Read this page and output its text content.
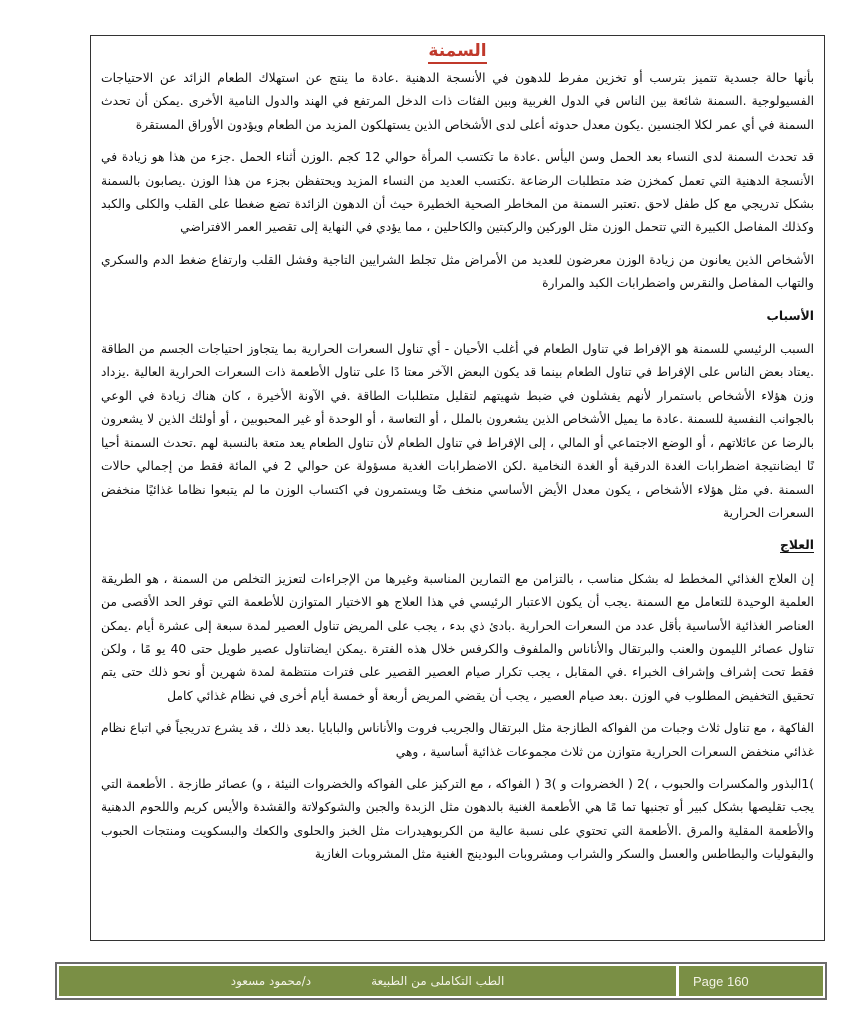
السمنة

بأنها حالة جسدية تتميز بترسب أو تخزين مفرط للدهون في الأنسجة الدهنية .عادة ما ينتج عن استهلاك الطعام الزائد عن الاحتياجات الفسيولوجية .السمنة شائعة بين الناس في الدول الغربية وبين الفئات ذات الدخل المرتفع في الهند والدول النامية الأخرى .يمكن أن تحدث السمنة في أي عمر لكلا الجنسين .يكون معدل حدوثه أعلى لدى الأشخاص الذين يستهلكون المزيد من الطعام ويؤدون الأوراق المستقرة

قد تحدث السمنة لدى النساء بعد الحمل وسن اليأس .عادة ما تكتسب المرأة حوالي 12 كجم .الوزن أثناء الحمل .جزء من هذا هو زيادة في الأنسجة الدهنية التي تعمل كمخزن ضد متطلبات الرضاعة .تكتسب العديد من النساء المزيد ويحتفظن بجزء من هذا الوزن .يصابون بالسمنة بشكل تدريجي مع كل طفل لاحق .تعتبر السمنة من المخاطر الصحية الخطيرة حيث أن الدهون الزائدة تضع ضغطا على القلب والكلى والكبد وكذلك المفاصل الكبيرة التي تتحمل الوزن مثل الوركين والركبتين والكاحلين ، مما يؤدي في النهاية إلى تقصير العمر الافتراضي

الأشخاص الذين يعانون من زيادة الوزن معرضون للعديد من الأمراض مثل تجلط الشرايين التاجية وفشل القلب وارتفاع ضغط الدم والسكري والتهاب المفاصل والنقرس واضطرابات الكبد والمرارة

الأسباب

السبب الرئيسي للسمنة هو الإفراط في تناول الطعام في أغلب الأحيان - أي تناول السعرات الحرارية بما يتجاوز احتياجات الجسم من الطاقة .يعتاد بعض الناس على الإفراط في تناول الطعام بينما قد يكون البعض الآخر معتا دًا على تناول الأطعمة ذات السعرات الحرارية العالية .يزداد وزن هؤلاء الأشخاص باستمرار لأنهم يفشلون في ضبط شهيتهم لتقليل متطلبات الطاقة .في الآونة الأخيرة ، كان هناك زيادة في الوعي بالجوانب النفسية للسمنة .عادة ما يميل الأشخاص الذين يشعرون بالملل ، أو التعاسة ، أو الوحدة أو غير المحبوبين ، أو أولئك الذين لا يشعرون بالرضا عن عائلاتهم ، أو الوضع الاجتماعي أو المالي ، إلى الإفراط في تناول الطعام لأن تناول الطعام يعد متعة بالنسبة لهم .تحدث السمنة أحيا نًا ايضانتيجة اضطرابات الغدة الدرقية أو الغدة النخامية .لكن الاضطرابات الغدية مسؤولة عن حوالي 2 في المائة فقط من إجمالي حالات السمنة .في مثل هؤلاء الأشخاص ، يكون معدل الأيض الأساسي منخف ضًا ويستمرون في اكتساب الوزن ما لم يتبعوا نظاما غذائيًا منخفض السعرات الحرارية

العلاج

إن العلاج الغذائي المخطط له بشكل مناسب ، بالتزامن مع التمارين المناسبة وغيرها من الإجراءات لتعزيز التخلص من السمنة ، هو الطريقة العلمية الوحيدة للتعامل مع السمنة .يجب أن يكون الاعتبار الرئيسي في هذا العلاج هو الاختيار المتوازن للأطعمة التي توفر الحد الأقصى من العناصر الغذائية الأساسية بأقل عدد من السعرات الحرارية .بادئ ذي بدء ، يجب على المريض تناول العصير لمدة سبعة إلى عشرة أيام .يمكن تناول عصائر الليمون والعنب والبرتقال والأناناس والملفوف والكرفس خلال هذه الفترة .يمكن ايضاتناول عصير طويل حتى 40 يو مًا ، ولكن فقط تحت إشراف وإشراف الخبراء .في المقابل ، يجب تكرار صيام العصير القصير على فترات منتظمة لمدة شهرين أو نحو ذلك حتى يتم تحقيق التخفيض المطلوب في الوزن .بعد صيام العصير ، يجب أن يقضي المريض أربعة أو خمسة أيام أخرى في نظام غذائي كامل

الفاكهة ، مع تناول ثلاث وجبات من الفواكه الطازجة مثل البرتقال والجريب فروت والأناناس والبابايا .بعد ذلك ، قد يشرع تدريجياً في اتباع نظام غذائي منخفض السعرات الحرارية متوازن من ثلاث مجموعات غذائية أساسية ، وهي

)1البذور والمكسرات والحبوب ، )2 ( الخضروات و )3 ( الفواكه ، مع التركيز على الفواكه والخضروات النيئة ، و) عصائر طازجة . الأطعمة التي يجب تقليصها بشكل كبير أو تجنبها تما مًا هي الأطعمة الغنية بالدهون مثل الزبدة والجبن والشوكولاتة والقشدة والأيس كريم واللحوم الدهنية والأطعمة المقلية والمرق .الأطعمة التي تحتوي على نسبة عالية من الكربوهيدرات مثل الخبز والحلوى والكعك والبسكويت ومنتجات الحبوب والبقوليات والبطاطس والعسل والسكر والشراب ومشروبات البودينج الغنية مثل المشروبات الغازية

الطب التكاملى من الطبيعة
د/محمود مسعود	Page 160
